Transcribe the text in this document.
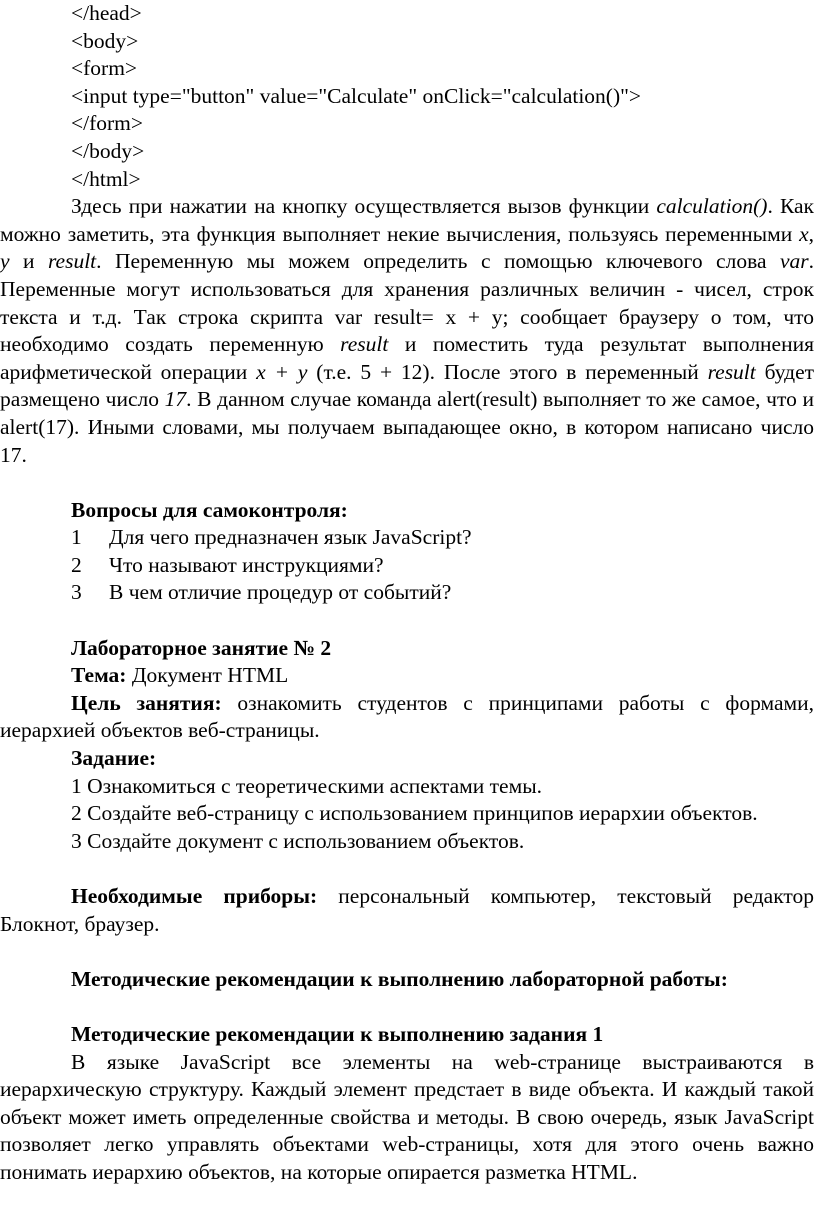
</head>

<body>

<form>

<input type="button" value="Calculate" onClick="calculation()">

</form>

</body>

</html>

Здесь при нажатии на кнопку осуществляется вызов функции calculation(). Как можно заметить, эта функция выполняет некие вычисления, пользуясь переменными x, y и result. Переменную мы можем определить с помощью ключевого слова var. Переменные могут использоваться для хранения различных величин - чисел, строк текста и т.д. Так строка скрипта var result= x + y; сообщает браузеру о том, что необходимо создать переменную result и поместить туда результат выполнения арифметической операции x + y (т.е. 5 + 12). После этого в переменный result будет размещено число 17. В данном случае команда alert(result) выполняет то же самое, что и alert(17). Иными словами, мы получаем выпадающее окно, в котором написано число 17.

Вопросы для самоконтроля:

1 Для чего предназначен язык JavaScript?

2 Что называют инструкциями?

3 В чем отличие процедур от событий?

Лабораторное занятие № 2

Тема: Документ HTML

Цель занятия: ознакомить студентов с принципами работы с формами, иерархией объектов веб-страницы.

Задание:

1 Ознакомиться с теоретическими аспектами темы.

2 Создайте веб-страницу с использованием принципов иерархии объектов.

3 Создайте документ с использованием объектов.

Необходимые приборы: персональный компьютер, текстовый редактор Блокнот, браузер.

Методические рекомендации к выполнению лабораторной работы:

Методические рекомендации к выполнению задания 1

В языке JavaScript все элементы на web-странице выстраиваются в иерархическую структуру. Каждый элемент предстает в виде объекта. И каждый такой объект может иметь определенные свойства и методы. В свою очередь, язык JavaScript позволяет легко управлять объектами web-страницы, хотя для этого очень важно понимать иерархию объектов, на которые опирается разметка HTML.
